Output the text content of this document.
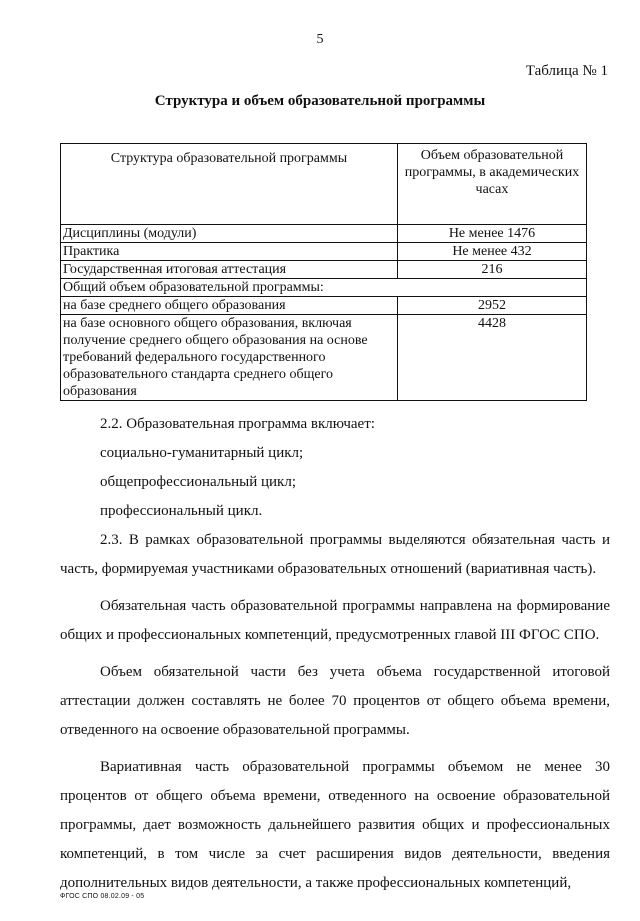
5
Таблица № 1
Структура и объем образовательной программы
Структура образовательной программы	Объем образовательной программы, в академических часах
Дисциплины (модули)	Не менее 1476
Практика	Не менее 432
Государственная итоговая аттестация	216
Общий объем образовательной программы:	
на базе среднего общего образования	2952
на базе основного общего образования, включая получение среднего общего образования на основе требований федерального государственного образовательного стандарта среднего общего образования	4428

2.2. Образовательная программа включает:

социально-гуманитарный цикл;

общепрофессиональный цикл;

профессиональный цикл.

2.3. В рамках образовательной программы выделяются обязательная часть и часть, формируемая участниками образовательных отношений (вариативная часть).

Обязательная часть образовательной программы направлена на формирование общих и профессиональных компетенций, предусмотренных главой III ФГОС СПО.

Объем обязательной части без учета объема государственной итоговой аттестации должен составлять не более 70 процентов от общего объема времени, отведенного на освоение образовательной программы.

Вариативная часть образовательной программы объемом не менее 30 процентов от общего объема времени, отведенного на освоение образовательной программы, дает возможность дальнейшего развития общих и профессиональных компетенций, в том числе за счет расширения видов деятельности, введения дополнительных видов деятельности, а также профессиональных компетенций,

ФГОС СПО 08.02.09 - 05
